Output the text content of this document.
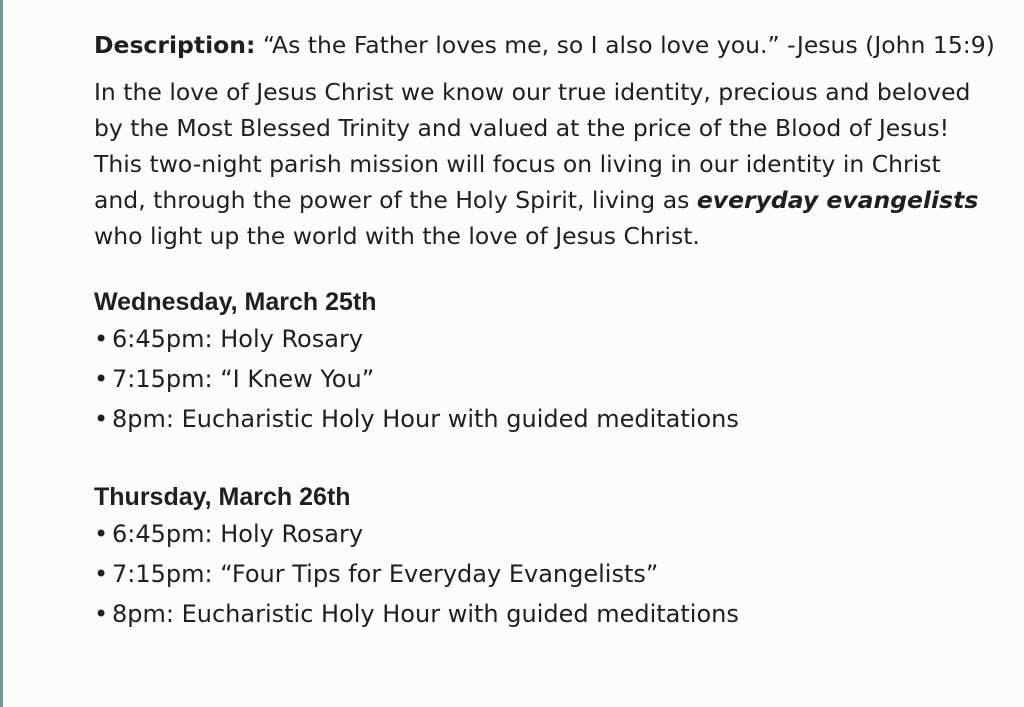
Description: “As the Father loves me, so I also love you.” -Jesus (John 15:9)

In the love of Jesus Christ we know our true identity, precious and beloved by the Most Blessed Trinity and valued at the price of the Blood of Jesus! This two-night parish mission will focus on living in our identity in Christ and, through the power of the Holy Spirit, living as everyday evangelists who light up the world with the love of Jesus Christ.

Wednesday, March 25th
• 6:45pm: Holy Rosary
• 7:15pm: “I Knew You”
• 8pm: Eucharistic Holy Hour with guided meditations
Thursday, March 26th
• 6:45pm: Holy Rosary
• 7:15pm: “Four Tips for Everyday Evangelists”
• 8pm: Eucharistic Holy Hour with guided meditations
